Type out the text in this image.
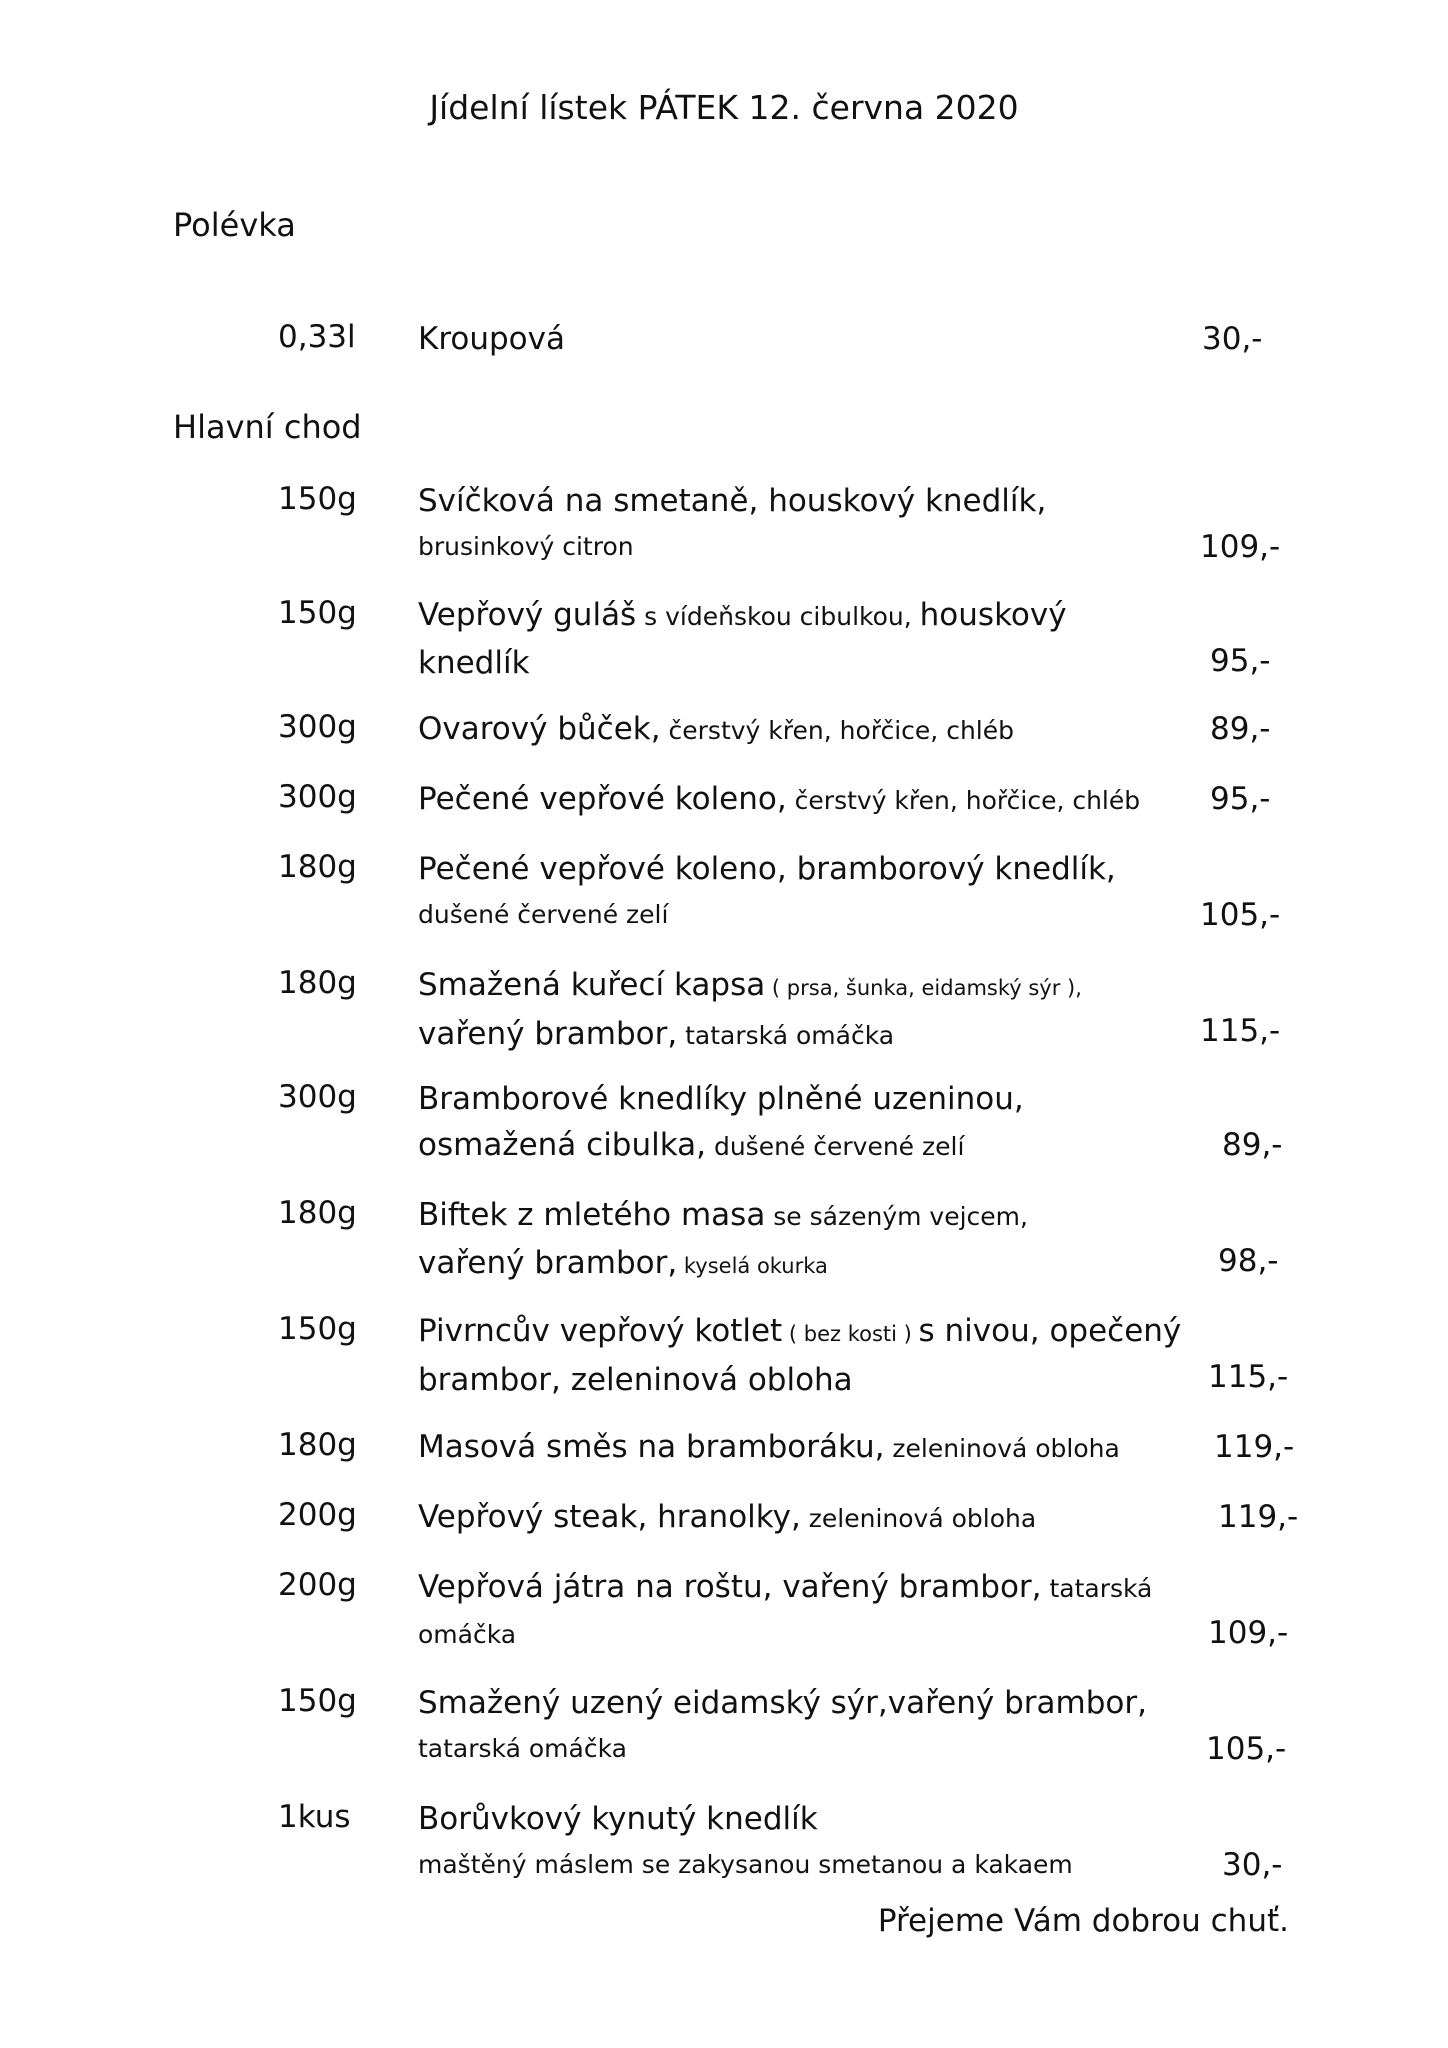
Jídelní lístek PÁTEK 12. června 2020
Polévka
0,33l Kroupová	30,-
Hlavní chod
150g Svíčková na smetaně, houskový knedlík,
brusinkový citron	109,-
150g Vepřový guláš s vídeňskou cibulkou, houskový
knedlík	95,-
300g Ovarový bůček, čerstvý křen, hořčice, chléb	89,-
300g Pečené vepřové koleno, čerstvý křen, hořčice, chléb	95,-
180g Pečené vepřové koleno, bramborový knedlík,
dušené červené zelí	105,-
180g Smažená kuřecí kapsa ( prsa, šunka, eidamský sýr ),
vařený brambor, tatarská omáčka	115,-
300g Bramborové knedlíky plněné uzeninou,
osmažená cibulka, dušené červené zelí	89,-
180g Biftek z mletého masa se sázeným vejcem,
vařený brambor, kyselá okurka	98,-
150g Pivrncův vepřový kotlet ( bez kosti ) s nivou, opečený
brambor, zeleninová obloha	115,-
180g Masová směs na bramboráku, zeleninová obloha	119,-
200g Vepřový steak, hranolky, zeleninová obloha	119,-
200g Vepřová játra na roštu, vařený brambor, tatarská
omáčka	109,-
150g Smažený uzený eidamský sýr,vařený brambor,
tatarská omáčka	105,-
1kus Borůvkový kynutý knedlík
maštěný máslem se zakysanou smetanou a kakaem	30,-
Přejeme Vám dobrou chuť.
